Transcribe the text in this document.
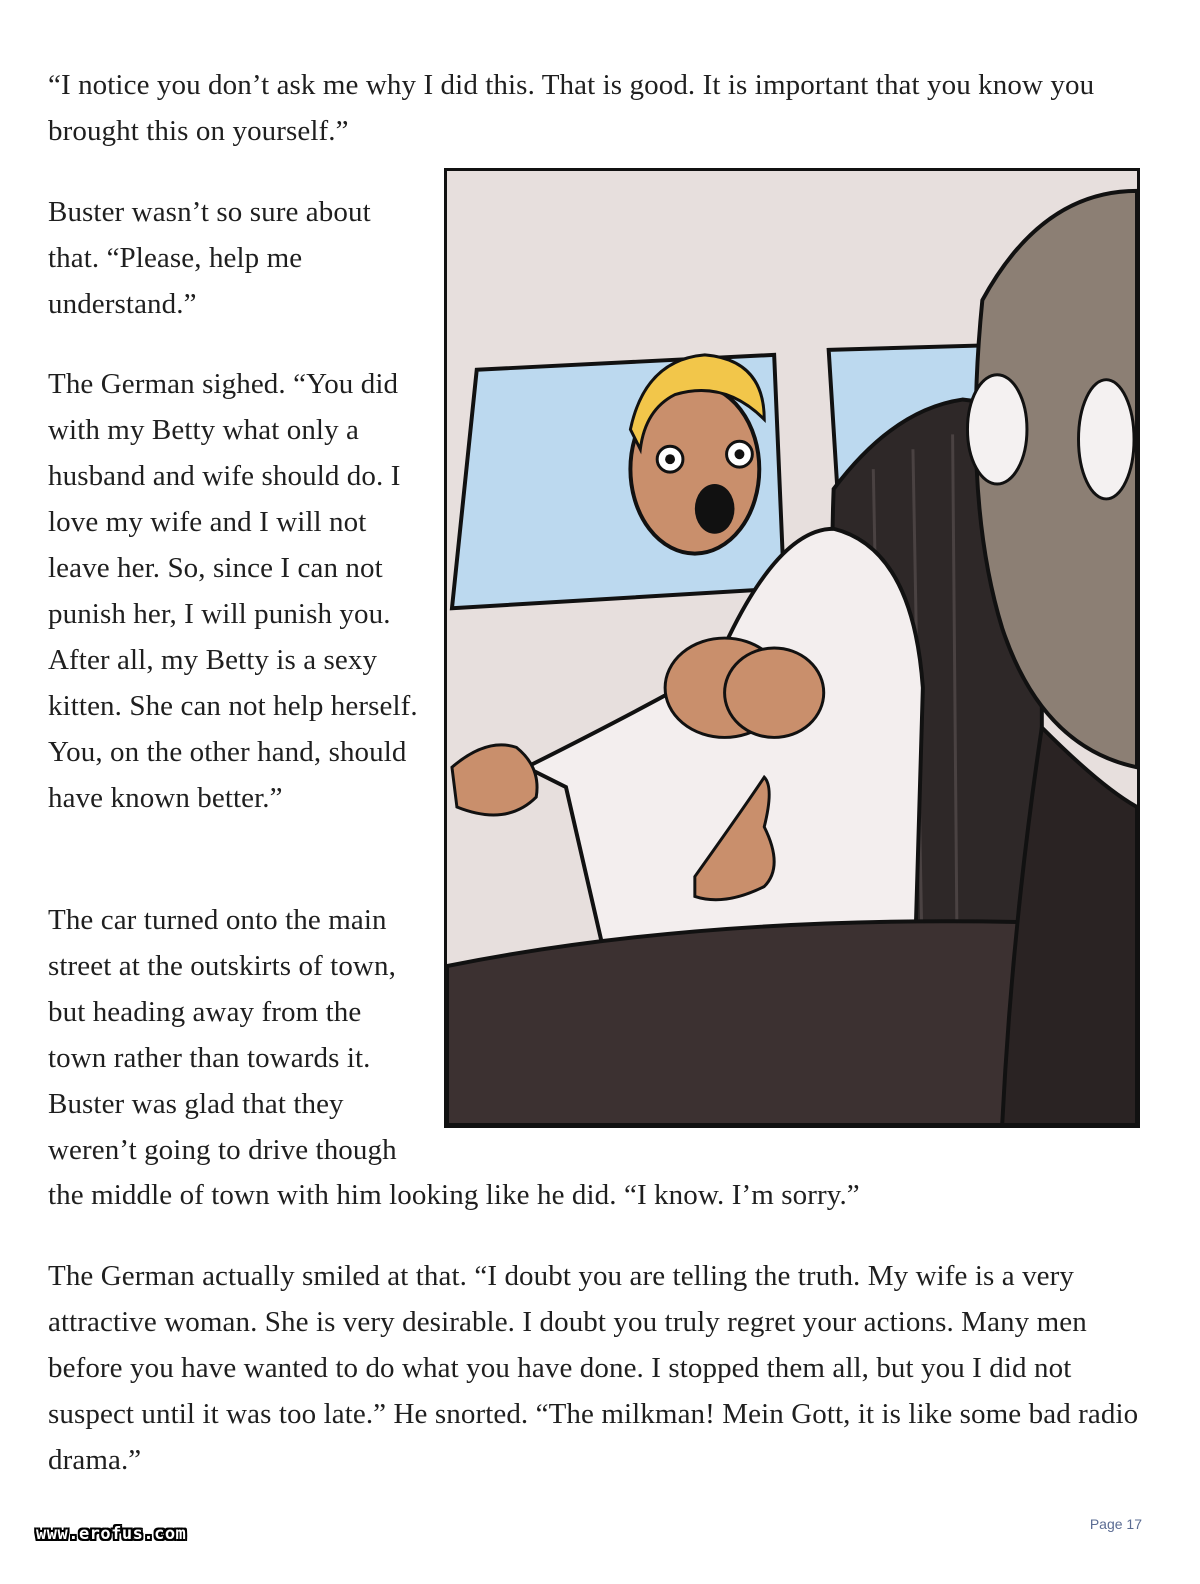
“I notice you don’t ask me why I did this. That is good. It is important that you know you brought this on yourself.”

Buster wasn’t so sure about that. “Please, help me understand.”

The German sighed. “You did with my Betty what only a husband and wife should do. I love my wife and I will not leave her. So, since I can not punish her, I will punish you. After all, my Betty is a sexy kitten. She can not help herself. You, on the other hand, should have known better.”

The car turned onto the main street at the outskirts of town, but heading away from the town rather than towards it. Buster was glad that they weren’t going to drive though

the middle of town with him looking like he did. “I know. I’m sorry.”

The German actually smiled at that. “I doubt you are telling the truth. My wife is a very attractive woman. She is very desirable. I doubt you truly regret your actions. Many men before you have wanted to do what you have done. I stopped them all, but you I did not suspect until it was too late.” He snorted. “The milkman! Mein Gott, it is like some bad radio drama.”

Page 17
www.erofus.com
